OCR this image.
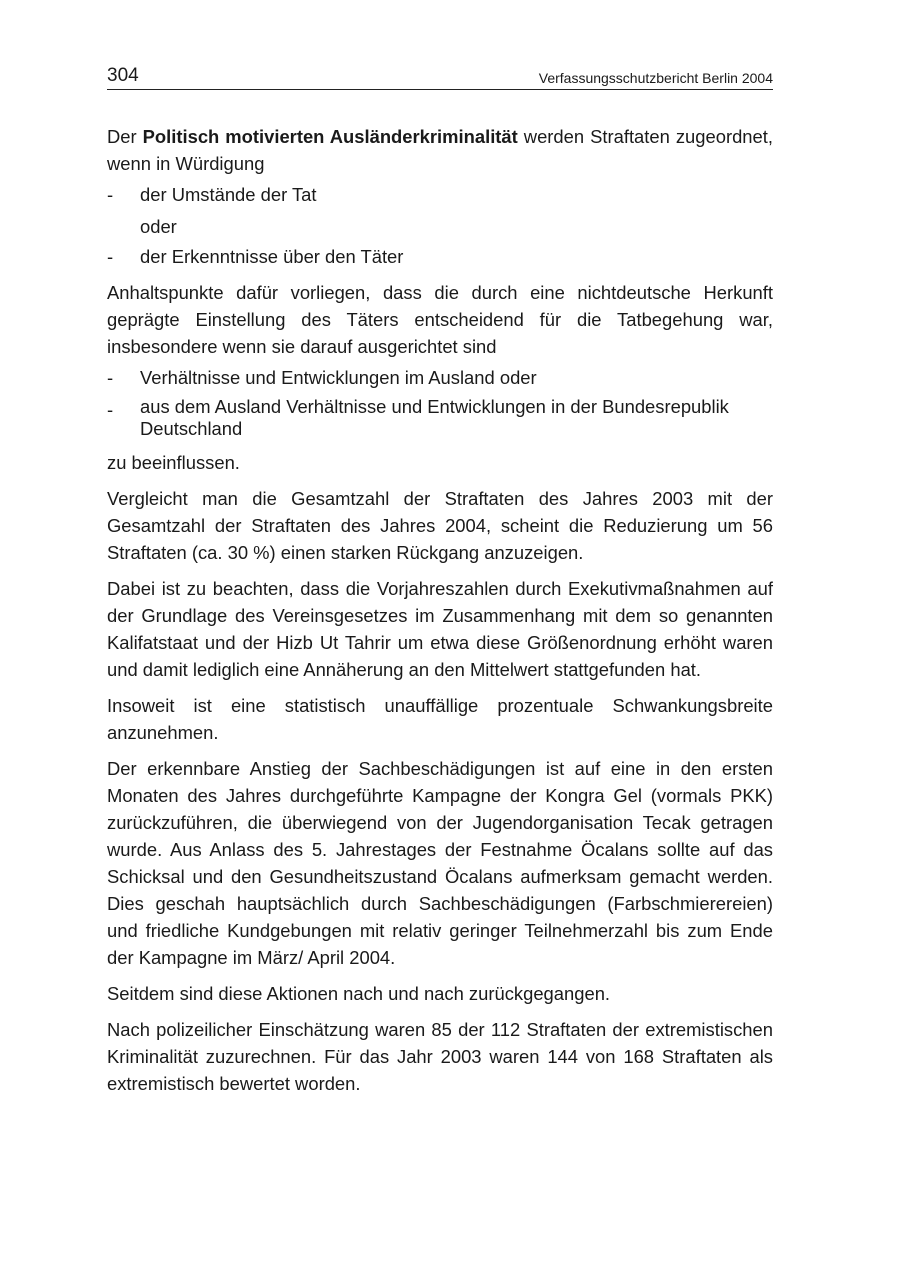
304	Verfassungsschutzbericht Berlin 2004

Der Politisch motivierten Ausländerkriminalität werden Straftaten zugeordnet, wenn in Würdigung

-	der Umstände der Tat
oder
-	der Erkenntnisse über den Täter

Anhaltspunkte dafür vorliegen, dass die durch eine nichtdeutsche Herkunft geprägte Einstellung des Täters entscheidend für die Tatbegehung war, insbesondere wenn sie darauf ausgerichtet sind

-	Verhältnisse und Entwicklungen im Ausland oder
-	aus dem Ausland Verhältnisse und Entwicklungen in der Bundesrepublik Deutschland

zu beeinflussen.

Vergleicht man die Gesamtzahl der Straftaten des Jahres 2003 mit der Gesamtzahl der Straftaten des Jahres 2004, scheint die Reduzierung um 56 Straftaten (ca. 30 %) einen starken Rückgang anzuzeigen.

Dabei ist zu beachten, dass die Vorjahreszahlen durch Exekutivmaßnahmen auf der Grundlage des Vereinsgesetzes im Zusammenhang mit dem so genannten Kalifatstaat und der Hizb Ut Tahrir um etwa diese Größenordnung erhöht waren und damit lediglich eine Annäherung an den Mittelwert stattgefunden hat.

Insoweit ist eine statistisch unauffällige prozentuale Schwankungsbreite anzunehmen.

Der erkennbare Anstieg der Sachbeschädigungen ist auf eine in den ersten Monaten des Jahres durchgeführte Kampagne der Kongra Gel (vormals PKK) zurückzuführen, die überwiegend von der Jugendorganisation Tecak getragen wurde. Aus Anlass des 5. Jahrestages der Festnahme Öcalans sollte auf das Schicksal und den Gesundheitszustand Öcalans aufmerksam gemacht werden. Dies geschah hauptsächlich durch Sachbeschädigungen (Farbschmierereien) und friedliche Kundgebungen mit relativ geringer Teilnehmerzahl bis zum Ende der Kampagne im März/ April 2004.

Seitdem sind diese Aktionen nach und nach zurückgegangen.

Nach polizeilicher Einschätzung waren 85 der 112 Straftaten der extremistischen Kriminalität zuzurechnen. Für das Jahr 2003 waren 144 von 168 Straftaten als extremistisch bewertet worden.
